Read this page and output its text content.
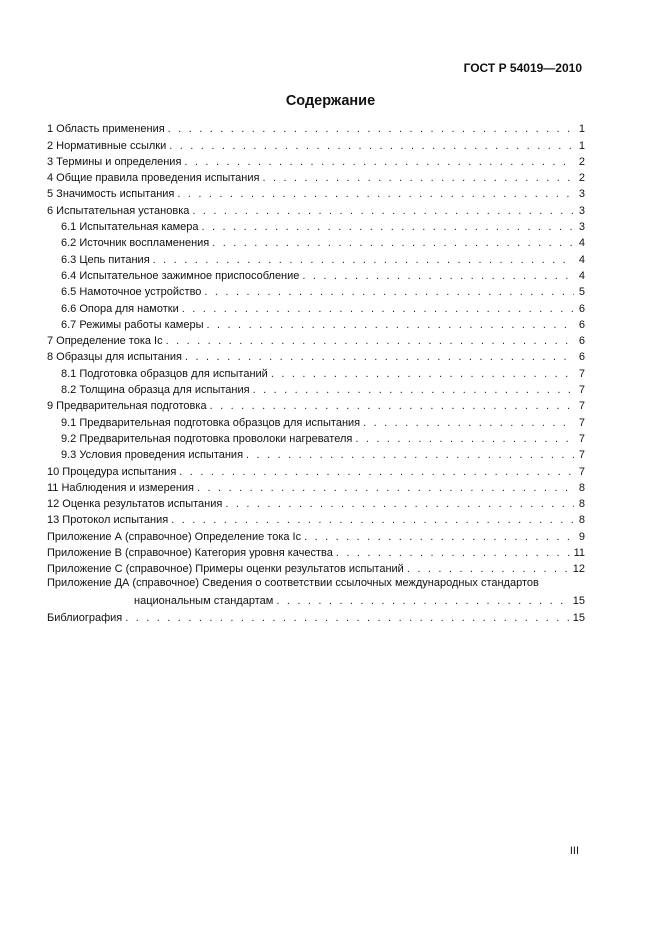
ГОСТ Р 54019—2010
Содержание
1 Область применения . . .	1
2 Нормативные ссылки . . .	1
3 Термины и определения . . .	2
4 Общие правила проведения испытания . . .	2
5 Значимость испытания . . .	3
6 Испытательная установка . . .	3
6.1 Испытательная камера . . .	3
6.2 Источник воспламенения . . .	4
6.3 Цепь питания . . .	4
6.4 Испытательное зажимное приспособление . . .	4
6.5 Намоточное устройство . . .	5
6.6 Опора для намотки . . .	6
6.7 Режимы работы камеры . . .	6
7 Определение тока Iс . . .	6
8 Образцы для испытания . . .	6
8.1 Подготовка образцов для испытаний . . .	7
8.2 Толщина образца для испытания . . .	7
9 Предварительная подготовка . . .	7
9.1 Предварительная подготовка образцов для испытания . . .	7
9.2 Предварительная подготовка проволоки нагревателя . . .	7
9.3 Условия проведения испытания . . .	7
10 Процедура испытания . . .	7
11 Наблюдения и измерения . . .	8
12 Оценка результатов испытания . . .	8
13 Протокол испытания . . .	8
Приложение А (справочное) Определение тока Iс . . .	9
Приложение В (справочное) Категория уровня качества . . .	11
Приложение С (справочное) Примеры оценки результатов испытаний . . .	12
Приложение ДА (справочное) Сведения о соответствии ссылочных международных стандартов
национальным стандартам . . .	15
Библиография . . .	15
III
